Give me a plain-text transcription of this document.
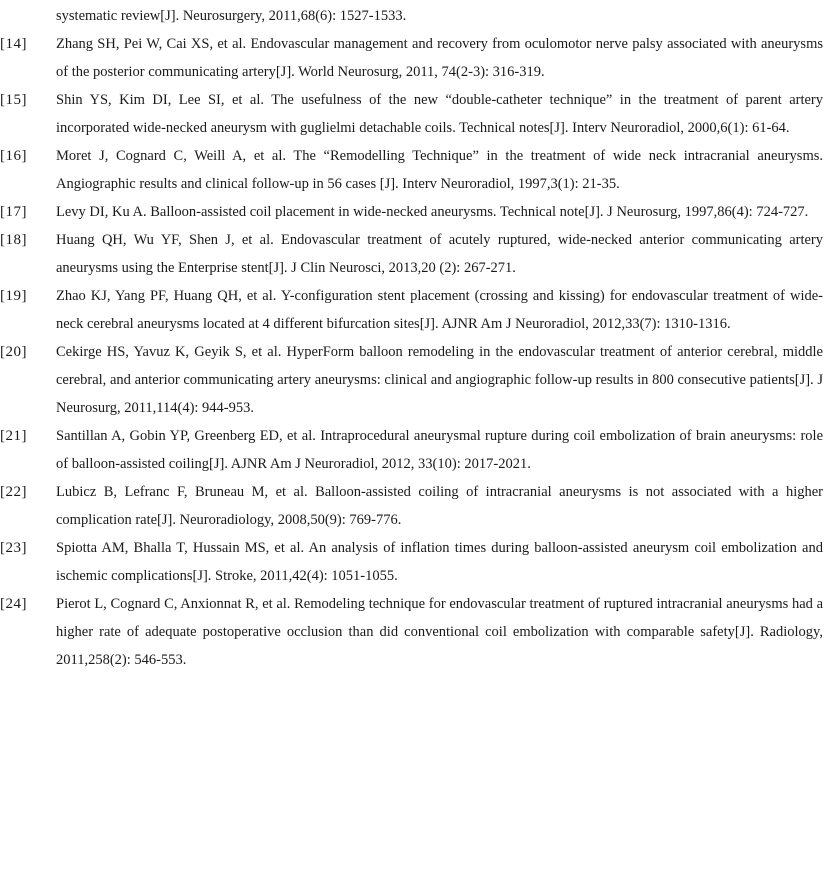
systematic review[J]. Neurosurgery, 2011,68(6): 1527-1533.
[14]	Zhang SH, Pei W, Cai XS, et al. Endovascular management and recovery from oculomotor nerve palsy associated with aneurysms of the posterior communicating artery[J]. World Neurosurg, 2011, 74(2-3): 316-319.
[15]	Shin YS, Kim DI, Lee SI, et al. The usefulness of the new “double-catheter technique” in the treatment of parent artery incorporated wide-necked aneurysm with guglielmi detachable coils. Technical notes[J]. Interv Neuroradiol, 2000,6(1): 61-64.
[16]	Moret J, Cognard C, Weill A, et al. The “Remodelling Technique” in the treatment of wide neck intracranial aneurysms. Angiographic results and clinical follow-up in 56 cases [J]. Interv Neuroradiol, 1997,3(1): 21-35.
[17]	Levy DI, Ku A. Balloon-assisted coil placement in wide-necked aneurysms. Technical note[J]. J Neurosurg, 1997,86(4): 724-727.
[18]	Huang QH, Wu YF, Shen J, et al. Endovascular treatment of acutely ruptured, wide-necked anterior communicating artery aneurysms using the Enterprise stent[J]. J Clin Neurosci, 2013,20 (2): 267-271.
[19]	Zhao KJ, Yang PF, Huang QH, et al. Y-configuration stent placement (crossing and kissing) for endovascular treatment of wide-neck cerebral aneurysms located at 4 different bifurcation sites[J]. AJNR Am J Neuroradiol, 2012,33(7): 1310-1316.
[20]	Cekirge HS, Yavuz K, Geyik S, et al. HyperForm balloon remodeling in the endovascular treatment of anterior cerebral, middle cerebral, and anterior communicating artery aneurysms: clinical and angiographic follow-up results in 800 consecutive patients[J]. J Neurosurg, 2011,114(4): 944-953.
[21]	Santillan A, Gobin YP, Greenberg ED, et al. Intraprocedural aneurysmal rupture during coil embolization of brain aneurysms: role of balloon-assisted coiling[J]. AJNR Am J Neuroradiol, 2012, 33(10): 2017-2021.
[22]	Lubicz B, Lefranc F, Bruneau M, et al. Balloon-assisted coiling of intracranial aneurysms is not associated with a higher complication rate[J]. Neuroradiology, 2008,50(9): 769-776.
[23]	Spiotta AM, Bhalla T, Hussain MS, et al. An analysis of inflation times during balloon-assisted aneurysm coil embolization and ischemic complications[J]. Stroke, 2011,42(4): 1051-1055.
[24]	Pierot L, Cognard C, Anxionnat R, et al. Remodeling technique for endovascular treatment of ruptured intracranial aneurysms had a higher rate of adequate postoperative occlusion than did conventional coil embolization with comparable safety[J]. Radiology, 2011,258(2): 546-553.
